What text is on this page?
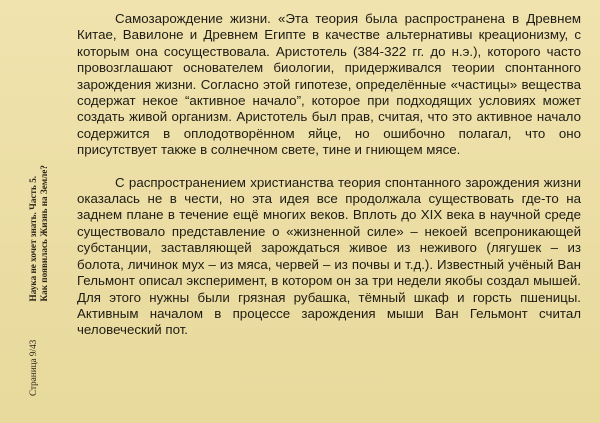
Страница 9/43
Наука не хочет знать. Часть 5. Как появилась Жизнь на Земле?

Самозарождение жизни. «Эта теория была распространена в Древнем Китае, Вавилоне и Древнем Египте в качестве альтернативы креационизму, с которым она сосуществовала. Аристотель (384-322 гг. до н.э.), которого часто провозглашают основателем биологии, придерживался теории спонтанного зарождения жизни. Согласно этой гипотезе, определённые «частицы» вещества содержат некое “активное начало”, которое при подходящих условиях может создать живой организм. Аристотель был прав, считая, что это активное начало содержится в оплодотворённом яйце, но ошибочно полагал, что оно присутствует также в солнечном свете, тине и гниющем мясе.

С распространением христианства теория спонтанного зарождения жизни оказалась не в чести, но эта идея все продолжала существовать где-то на заднем плане в течение ещё многих веков. Вплоть до XIX века в научной среде существовало представление о «жизненной силе» – некоей всепроникающей субстанции, заставляющей зарождаться живое из неживого (лягушек – из болота, личинок мух – из мяса, червей – из почвы и т.д.). Известный учёный Ван Гельмонт описал эксперимент, в котором он за три недели якобы создал мышей. Для этого нужны были грязная рубашка, тёмный шкаф и горсть пшеницы. Активным началом в процессе зарождения мыши Ван Гельмонт считал человеческий пот.
